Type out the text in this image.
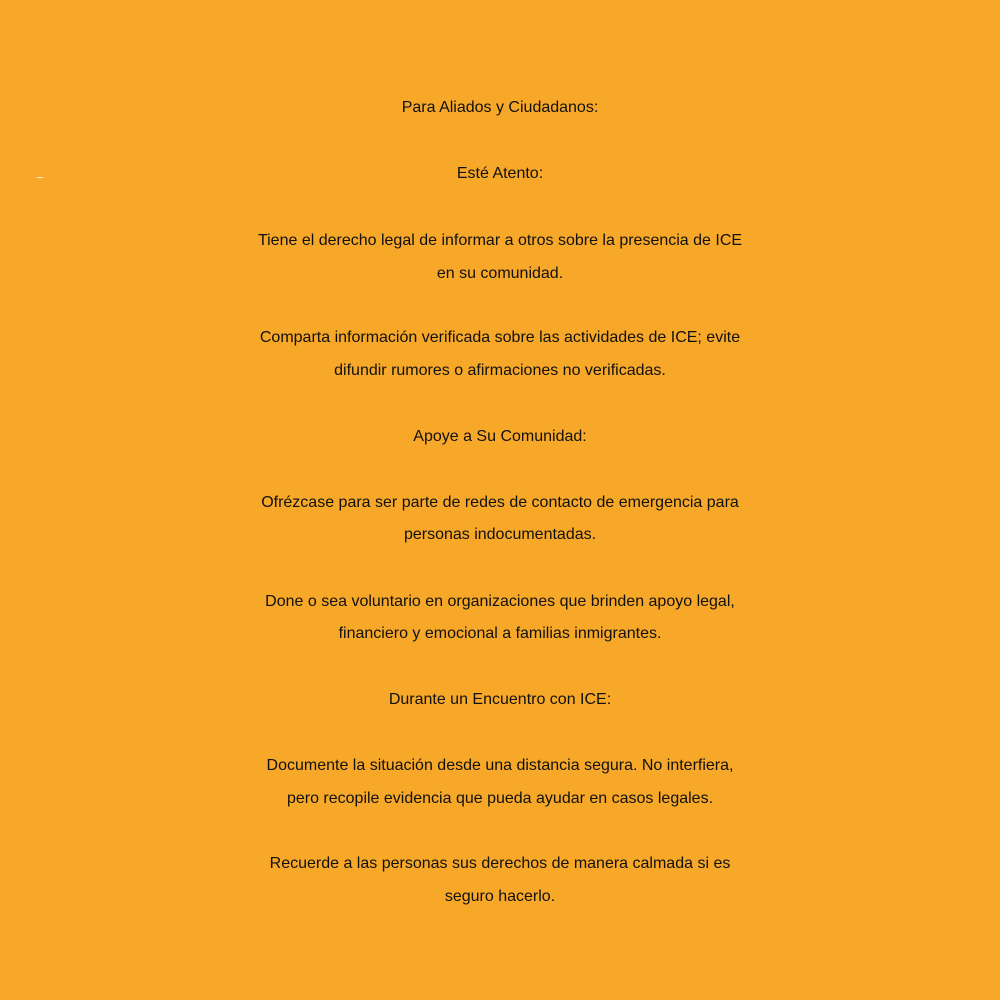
Para Aliados y Ciudadanos:
Esté Atento:
Tiene el derecho legal de informar a otros sobre la presencia de ICE
en su comunidad.
Comparta información verificada sobre las actividades de ICE; evite
difundir rumores o afirmaciones no verificadas.
Apoye a Su Comunidad:
Ofrézcase para ser parte de redes de contacto de emergencia para
personas indocumentadas.
Done o sea voluntario en organizaciones que brinden apoyo legal,
financiero y emocional a familias inmigrantes.
Durante un Encuentro con ICE:
Documente la situación desde una distancia segura. No interfiera,
pero recopile evidencia que pueda ayudar en casos legales.
Recuerde a las personas sus derechos de manera calmada si es
seguro hacerlo.
